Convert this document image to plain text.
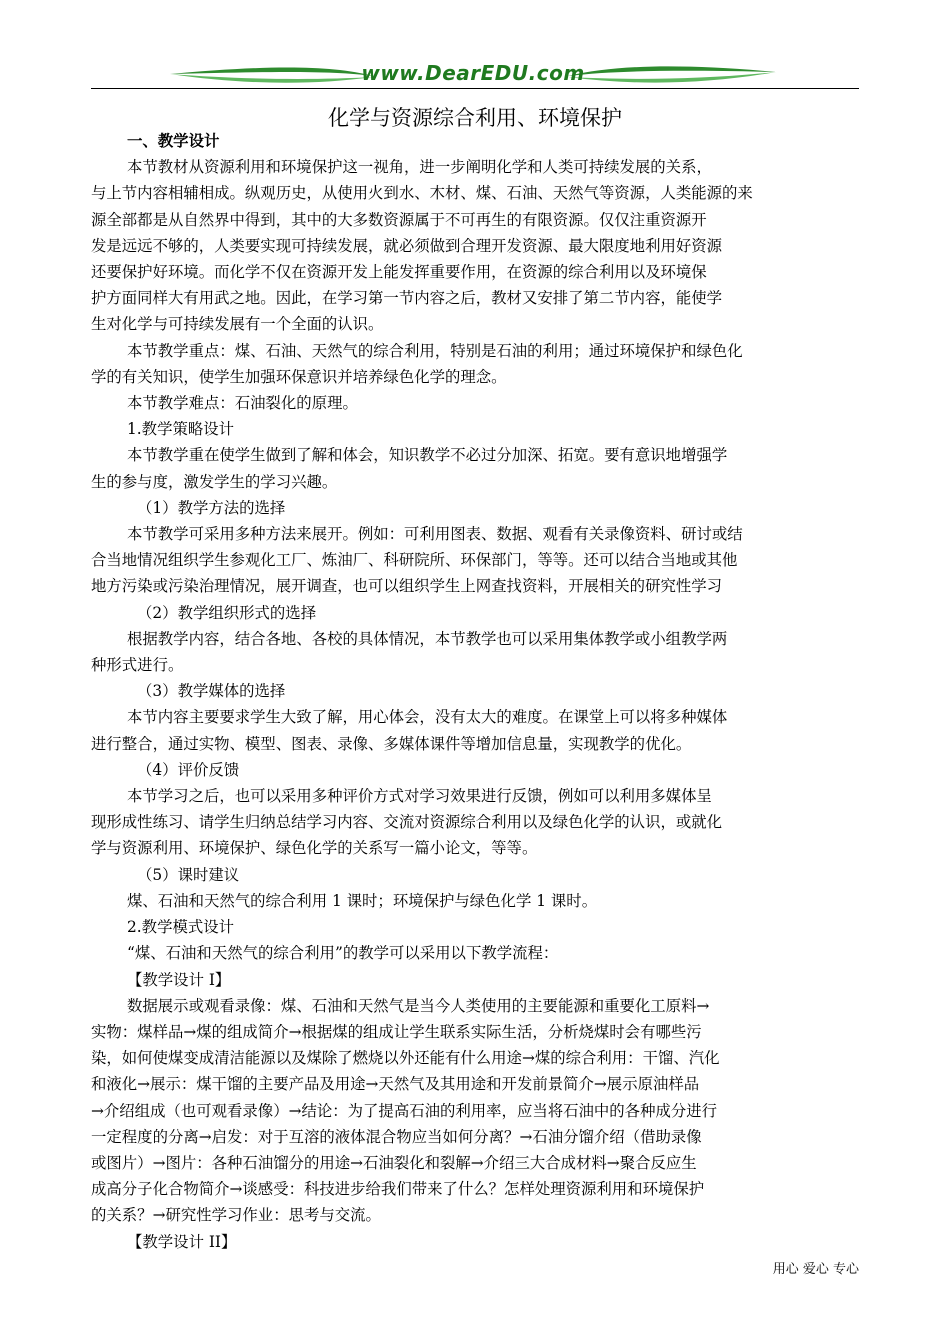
www.DearEDU.com
化学与资源综合利用、环境保护
一、教学设计
本节教材从资源利用和环境保护这一视角，进一步阐明化学和人类可持续发展的关系，
与上节内容相辅相成。纵观历史，从使用火到水、木材、煤、石油、天然气等资源，人类能源的来
源全部都是从自然界中得到，其中的大多数资源属于不可再生的有限资源。仅仅注重资源开
发是远远不够的，人类要实现可持续发展，就必须做到合理开发资源、最大限度地利用好资源
还要保护好环境。而化学不仅在资源开发上能发挥重要作用，在资源的综合利用以及环境保
护方面同样大有用武之地。因此，在学习第一节内容之后，教材又安排了第二节内容，能使学
生对化学与可持续发展有一个全面的认识。
本节教学重点：煤、石油、天然气的综合利用，特别是石油的利用；通过环境保护和绿色化
学的有关知识，使学生加强环保意识并培养绿色化学的理念。
本节教学难点：石油裂化的原理。
1.教学策略设计
本节教学重在使学生做到了解和体会，知识教学不必过分加深、拓宽。要有意识地增强学
生的参与度，激发学生的学习兴趣。
（1）教学方法的选择
本节教学可采用多种方法来展开。例如：可利用图表、数据、观看有关录像资料、研讨或结
合当地情况组织学生参观化工厂、炼油厂、科研院所、环保部门，等等。还可以结合当地或其他
地方污染或污染治理情况，展开调查，也可以组织学生上网查找资料，开展相关的研究性学习
（2）教学组织形式的选择
根据教学内容，结合各地、各校的具体情况，本节教学也可以采用集体教学或小组教学两
种形式进行。
（3）教学媒体的选择
本节内容主要要求学生大致了解，用心体会，没有太大的难度。在课堂上可以将多种媒体
进行整合，通过实物、模型、图表、录像、多媒体课件等增加信息量，实现教学的优化。
（4）评价反馈
本节学习之后，也可以采用多种评价方式对学习效果进行反馈，例如可以利用多媒体呈
现形成性练习、请学生归纳总结学习内容、交流对资源综合利用以及绿色化学的认识，或就化
学与资源利用、环境保护、绿色化学的关系写一篇小论文，等等。
（5）课时建议
煤、石油和天然气的综合利用 1 课时；环境保护与绿色化学 1 课时。
2.教学模式设计
“煤、石油和天然气的综合利用”的教学可以采用以下教学流程：
【教学设计 I】
数据展示或观看录像：煤、石油和天然气是当今人类使用的主要能源和重要化工原料→
实物：煤样品→煤的组成简介→根据煤的组成让学生联系实际生活，分析烧煤时会有哪些污
染，如何使煤变成清洁能源以及煤除了燃烧以外还能有什么用途→煤的综合利用：干馏、汽化
和液化→展示：煤干馏的主要产品及用途→天然气及其用途和开发前景简介→展示原油样品
→介绍组成（也可观看录像）→结论：为了提高石油的利用率，应当将石油中的各种成分进行
一定程度的分离→启发：对于互溶的液体混合物应当如何分离？→石油分馏介绍（借助录像
或图片）→图片：各种石油馏分的用途→石油裂化和裂解→介绍三大合成材料→聚合反应生
成高分子化合物简介→谈感受：科技进步给我们带来了什么？怎样处理资源利用和环境保护
的关系？→研究性学习作业：思考与交流。
【教学设计 II】
用心 爱心 专心
